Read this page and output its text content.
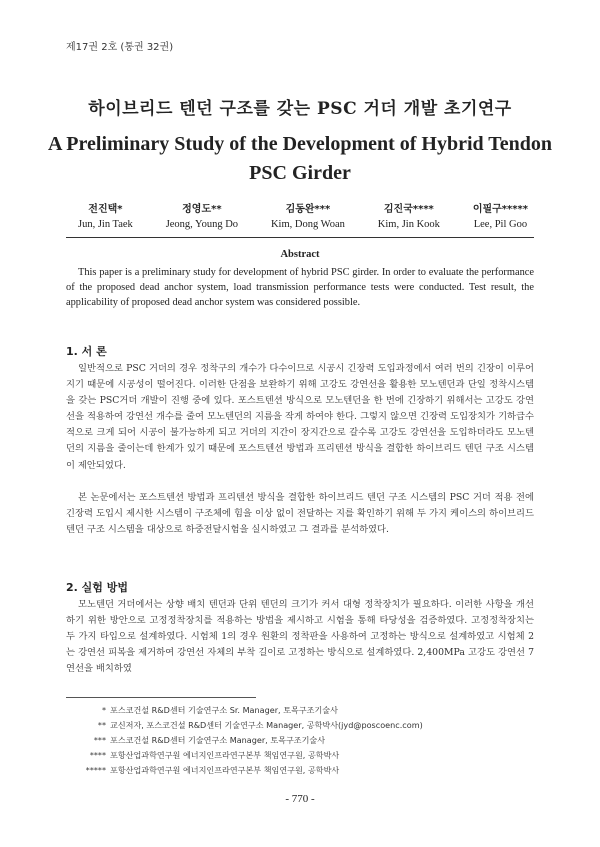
제17권 2호 (통권 32권)
하이브리드 텐던 구조를 갖는 PSC 거더 개발 초기연구
A Preliminary Study of the Development of Hybrid Tendon PSC Girder
전진택*
Jun, Jin Taek
정영도**
Jeong, Young Do
김동완***
Kim, Dong Woan
김진국****
Kim, Jin Kook
이필구*****
Lee, Pil Goo
Abstract
This paper is a preliminary study for development of hybrid PSC girder. In order to evaluate the performance of the proposed dead anchor system, load transmission performance tests were conducted. Test result, the applicability of proposed dead anchor system was considered possible.
1. 서 론
일반적으로 PSC 거더의 경우 정착구의 개수가 다수이므로 시공시 긴장력 도입과정에서 여러 번의 긴장이 이루어지기 때문에 시공성이 떨어진다. 이러한 단점을 보완하기 위해 고강도 강연선을 활용한 모노텐던과 단일 정착시스템을 갖는 PSC거더 개발이 진행 중에 있다. 포스트텐션 방식으로 모노텐던을 한 번에 긴장하기 위해서는 고강도 강연선을 적용하여 강연선 개수를 줄여 모노텐던의 지름을 작게 하여야 한다. 그렇지 않으면 긴장력 도입장치가 기하급수적으로 크게 되어 시공이 불가능하게 되고 거더의 지간이 장지간으로 갈수록 고강도 강연선을 도입하더라도 모노텐던의 지름을 줄이는데 한계가 있기 때문에 포스트텐션 방법과 프리텐션 방식을 결합한 하이브리드 텐던 구조 시스템이 제안되었다.
본 논문에서는 포스트텐션 방법과 프리텐션 방식을 결합한 하이브리드 텐던 구조 시스템의 PSC 거더 적용 전에 긴장력 도입시 제시한 시스템이 구조체에 힘을 이상 없이 전달하는 지를 확인하기 위해 두 가지 케이스의 하이브리드 텐던 구조 시스템을 대상으로 하중전달시험을 실시하였고 그 결과를 분석하였다.
2. 실험 방법
모노텐던 거더에서는 상향 배치 텐던과 단위 텐던의 크기가 커서 대형 정착장치가 필요하다. 이러한 사항을 개선하기 위한 방안으로 고정정착장치를 적용하는 방법을 제시하고 시험을 통해 타당성을 검증하였다. 고정정착장치는 두 가지 타입으로 설계하였다. 시험체 1의 경우 원환의 정착판을 사용하여 고정하는 방식으로 설계하였고 시험체 2는 강연선 피복을 제거하여 강연선 자체의 부착 길이로 고정하는 방식으로 설계하였다. 2,400MPa 고강도 강연선 7연선을 배치하였
* 포스코건설 R&D센터 기술연구소 Sr. Manager, 토목구조기술사
** 교신저자, 포스코건설 R&D센터 기술연구소 Manager, 공학박사(jyd@poscoenc.com)
*** 포스코건설 R&D센터 기술연구소 Manager, 토목구조기술사
**** 포항산업과학연구원 에너지인프라연구본부 책임연구원, 공학박사
***** 포항산업과학연구원 에너지인프라연구본부 책임연구원, 공학박사
- 770 -
